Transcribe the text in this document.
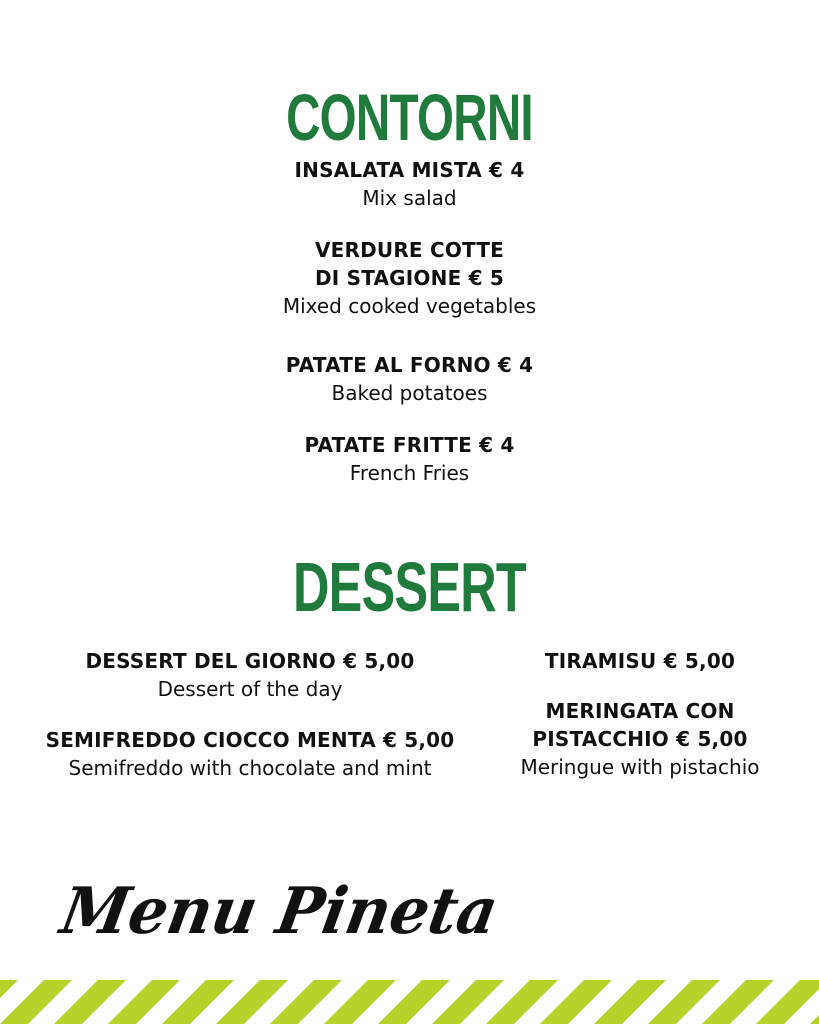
CONTORNI
INSALATA MISTA € 4
Mix salad
VERDURE COTTE
DI STAGIONE € 5
Mixed cooked vegetables
PATATE AL FORNO € 4
Baked potatoes
PATATE FRITTE € 4
French Fries
DESSERT
DESSERT DEL GIORNO € 5,00
Dessert of the day
SEMIFREDDO CIOCCO MENTA € 5,00
Semifreddo with chocolate and mint
TIRAMISU € 5,00
MERINGATA CON
PISTACCHIO € 5,00
Meringue with pistachio
Menu Pineta
